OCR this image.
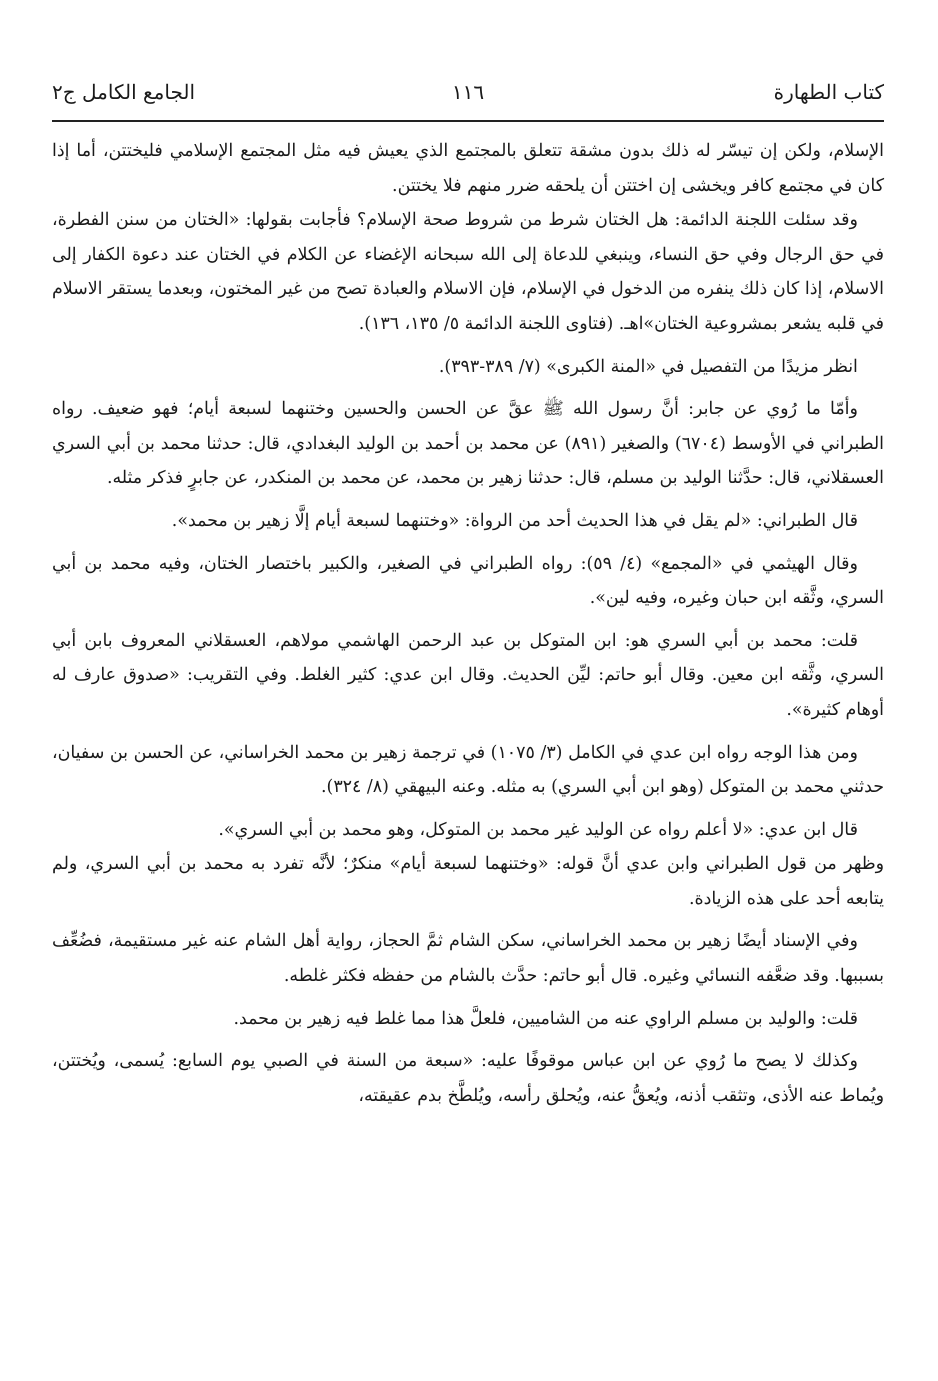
كتاب الطهارة
١١٦
الجامع الكامل ج٢

الإسلام، ولكن إن تيسّر له ذلك بدون مشقة تتعلق بالمجتمع الذي يعيش فيه مثل المجتمع الإسلامي فليختتن، أما إذا كان في مجتمع كافر ويخشى إن اختتن أن يلحقه ضرر منهم فلا يختتن.

وقد سئلت اللجنة الدائمة: هل الختان شرط من شروط صحة الإسلام؟ فأجابت بقولها: «الختان من سنن الفطرة، في حق الرجال وفي حق النساء، وينبغي للدعاة إلى الله سبحانه الإغضاء عن الكلام في الختان عند دعوة الكفار إلى الاسلام، إذا كان ذلك ينفره من الدخول في الإسلام، فإن الاسلام والعبادة تصح من غير المختون، وبعدما يستقر الاسلام في قلبه يشعر بمشروعية الختان»اهـ. (فتاوى اللجنة الدائمة ٥/ ١٣٥، ١٣٦).

انظر مزيدًا من التفصيل في «المنة الكبرى» (٧/ ٣٨٩-٣٩٣).

وأمّا ما رُوي عن جابر: أنَّ رسول الله ﷺ عقَّ عن الحسن والحسين وختنهما لسبعة أيام؛ فهو ضعيف. رواه الطبراني في الأوسط (٦٧٠٤) والصغير (٨٩١) عن محمد بن أحمد بن الوليد البغدادي، قال: حدثنا محمد بن أبي السري العسقلاني، قال: حدَّثنا الوليد بن مسلم، قال: حدثنا زهير بن محمد، عن محمد بن المنكدر، عن جابرٍ فذكر مثله.

قال الطبراني: «لم يقل في هذا الحديث أحد من الرواة: «وختنهما لسبعة أيام إلَّا زهير بن محمد».

وقال الهيثمي في «المجمع» (٤/ ٥٩): رواه الطبراني في الصغير، والكبير باختصار الختان، وفيه محمد بن أبي السري، وثَّقه ابن حبان وغيره، وفيه لين».

قلت: محمد بن أبي السري هو: ابن المتوكل بن عبد الرحمن الهاشمي مولاهم، العسقلاني المعروف بابن أبي السري، وثَّقه ابن معين. وقال أبو حاتم: ليِّن الحديث. وقال ابن عدي: كثير الغلط. وفي التقريب: «صدوق عارف له أوهام كثيرة».

ومن هذا الوجه رواه ابن عدي في الكامل (٣/ ١٠٧٥) في ترجمة زهير بن محمد الخراساني، عن الحسن بن سفيان، حدثني محمد بن المتوكل (وهو ابن أبي السري) به مثله. وعنه البيهقي (٨/ ٣٢٤).

قال ابن عدي: «لا أعلم رواه عن الوليد غير محمد بن المتوكل، وهو محمد بن أبي السري».

وظهر من قول الطبراني وابن عدي أنَّ قوله: «وختنهما لسبعة أيام» منكرٌ؛ لأنَّه تفرد به محمد بن أبي السري، ولم يتابعه أحد على هذه الزيادة.

وفي الإسناد أيضًا زهير بن محمد الخراساني، سكن الشام ثمَّ الحجاز، رواية أهل الشام عنه غير مستقيمة، فضُعِّف بسببها. وقد ضعَّفه النسائي وغيره. قال أبو حاتم: حدَّث بالشام من حفظه فكثر غلطه.

قلت: والوليد بن مسلم الراوي عنه من الشاميين، فلعلَّ هذا مما غلط فيه زهير بن محمد.

وكذلك لا يصح ما رُوي عن ابن عباس موقوفًا عليه: «سبعة من السنة في الصبي يوم السابع: يُسمى، ويُختتن، ويُماط عنه الأذى، وتثقب أذنه، ويُعقُّ عنه، ويُحلق رأسه، ويُلطَّخ بدم عقيقته،
